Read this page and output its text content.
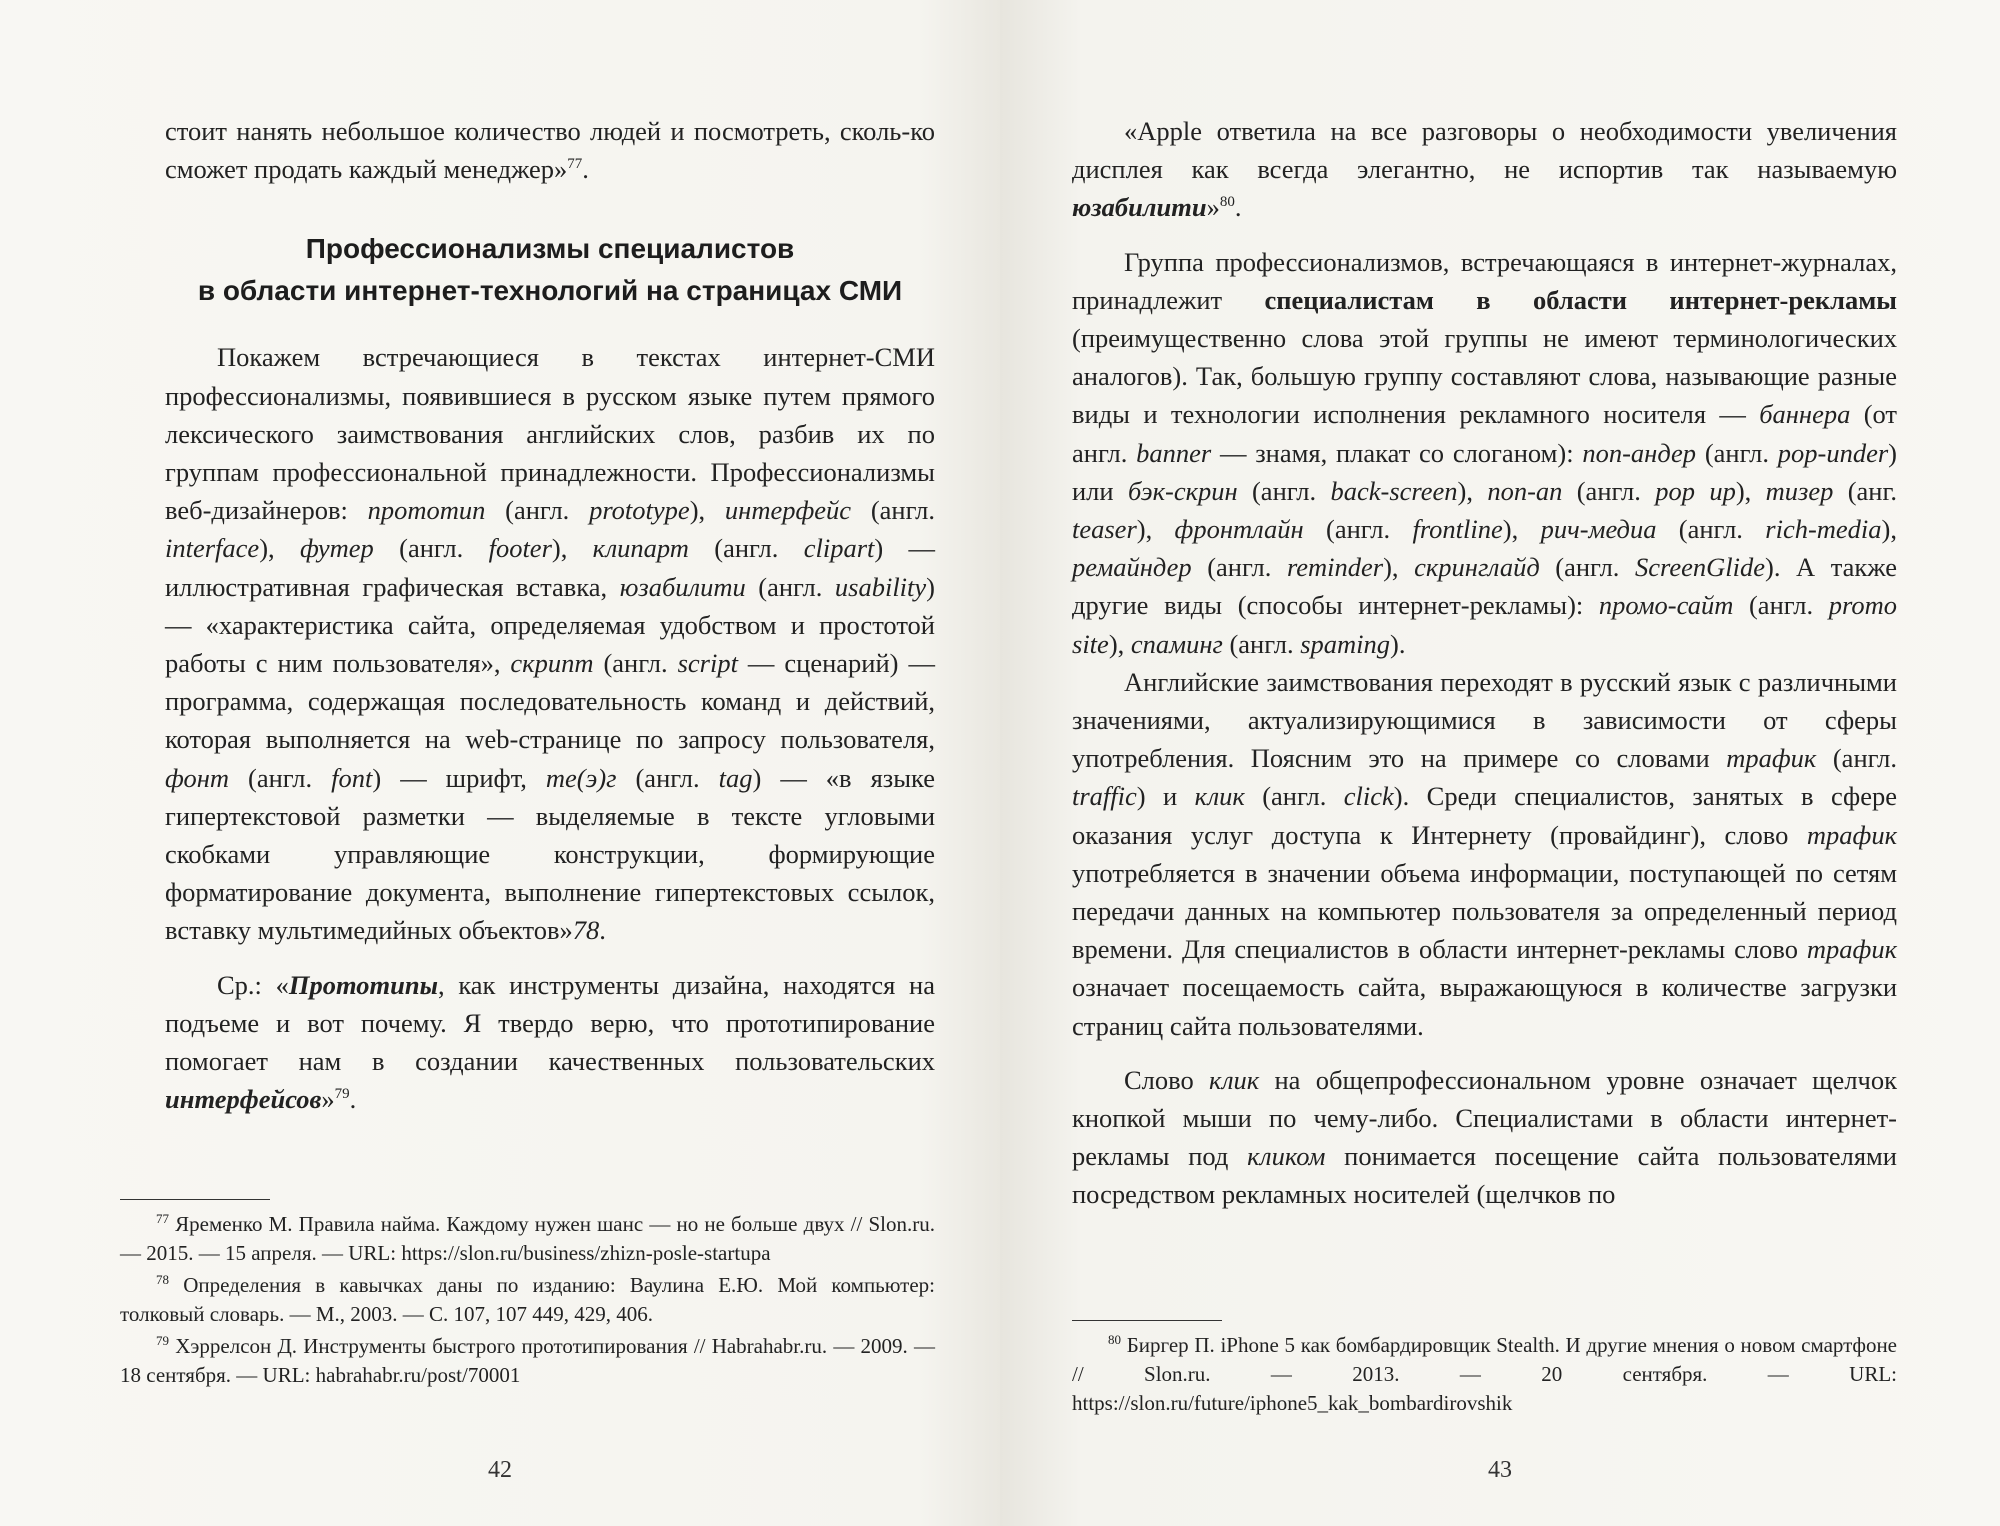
стоит нанять небольшое количество людей и посмотреть, сколь-ко сможет продать каждый менеджер»$^{77}$.

Профессионализмы специалистов
в области интернет-технологий на страницах СМИ

Покажем встречающиеся в текстах интернет-СМИ профессионализмы, появившиеся в русском языке путем прямого лексического заимствования английских слов, разбив их по группам профессиональной принадлежности. Профессионализмы веб-дизайнеров: прототип (англ. prototype), интерфейс (англ. interface), футер (англ. footer), клипарт (англ. clipart) — иллюстративная графическая вставка, юзабилити (англ. usability) — «характеристика сайта, определяемая удобством и простотой работы с ним пользователя», скрипт (англ. script — сценарий) — программа, содержащая последовательность команд и действий, которая выполняется на web-странице по запросу пользователя, фонт (англ. font) — шрифт, те(э)г (англ. tag) — «в языке гипертекстовой разметки — выделяемые в тексте угловыми скобками управляющие конструкции, формирующие форматирование документа, выполнение гипертекстовых ссылок, вставку мультимедийных объектов»78.

Ср.: «Прототипы, как инструменты дизайна, находятся на подъеме и вот почему. Я твердо верю, что прототипирование помогает нам в создании качественных пользовательских интерфейсов»$^{79}$.

$^{77}$ Яременко М. Правила найма. Каждому нужен шанс — но не больше двух // Slon.ru. — 2015. — 15 апреля. — URL: https://slon.ru/business/zhizn-posle-startupa

$^{78}$ Определения в кавычках даны по изданию: Ваулина Е.Ю. Мой компьютер: толковый словарь. — М., 2003. — С. 107, 107 449, 429, 406.

$^{79}$ Хэррелсон Д. Инструменты быстрого прототипирования // Habrahabr.ru. — 2009. — 18 сентября. — URL: habrahabr.ru/post/70001

42

«Apple ответила на все разговоры о необходимости увеличения дисплея как всегда элегантно, не испортив так называемую юзабилити»$^{80}$.

Группа профессионализмов, встречающаяся в интернет-журналах, принадлежит специалистам в области интернет-рекламы (преимущественно слова этой группы не имеют терминологических аналогов). Так, большую группу составляют слова, называющие разные виды и технологии исполнения рекламного носителя — баннера (от англ. banner — знамя, плакат со слоганом): поп-андер (англ. pop-under) или бэк-скрин (англ. back-screen), поп-ап (англ. pop up), тизер (анг. teaser), фронтлайн (англ. frontline), рич-медиа (англ. rich-media), ремайндер (англ. reminder), скринглайд (англ. ScreenGlide). А также другие виды (способы интернет-рекламы): промо-сайт (англ. promo site), спаминг (англ. spaming).

Английские заимствования переходят в русский язык с различными значениями, актуализирующимися в зависимости от сферы употребления. Поясним это на примере со словами трафик (англ. traffic) и клик (англ. click). Среди специалистов, занятых в сфере оказания услуг доступа к Интернету (провайдинг), слово трафик употребляется в значении объема информации, поступающей по сетям передачи данных на компьютер пользователя за определенный период времени. Для специалистов в области интернет-рекламы слово трафик означает посещаемость сайта, выражающуюся в количестве загрузки страниц сайта пользователями.

Слово клик на общепрофессиональном уровне означает щелчок кнопкой мыши по чему-либо. Специалистами в области интернет-рекламы под кликом понимается посещение сайта пользователями посредством рекламных носителей (щелчков по

$^{80}$ Биргер П. iPhone 5 как бомбардировщик Stealth. И другие мнения о новом смартфоне // Slon.ru. — 2013. — 20 сентября. — URL: https://slon.ru/future/iphone5_kak_bombardirovshik

43
